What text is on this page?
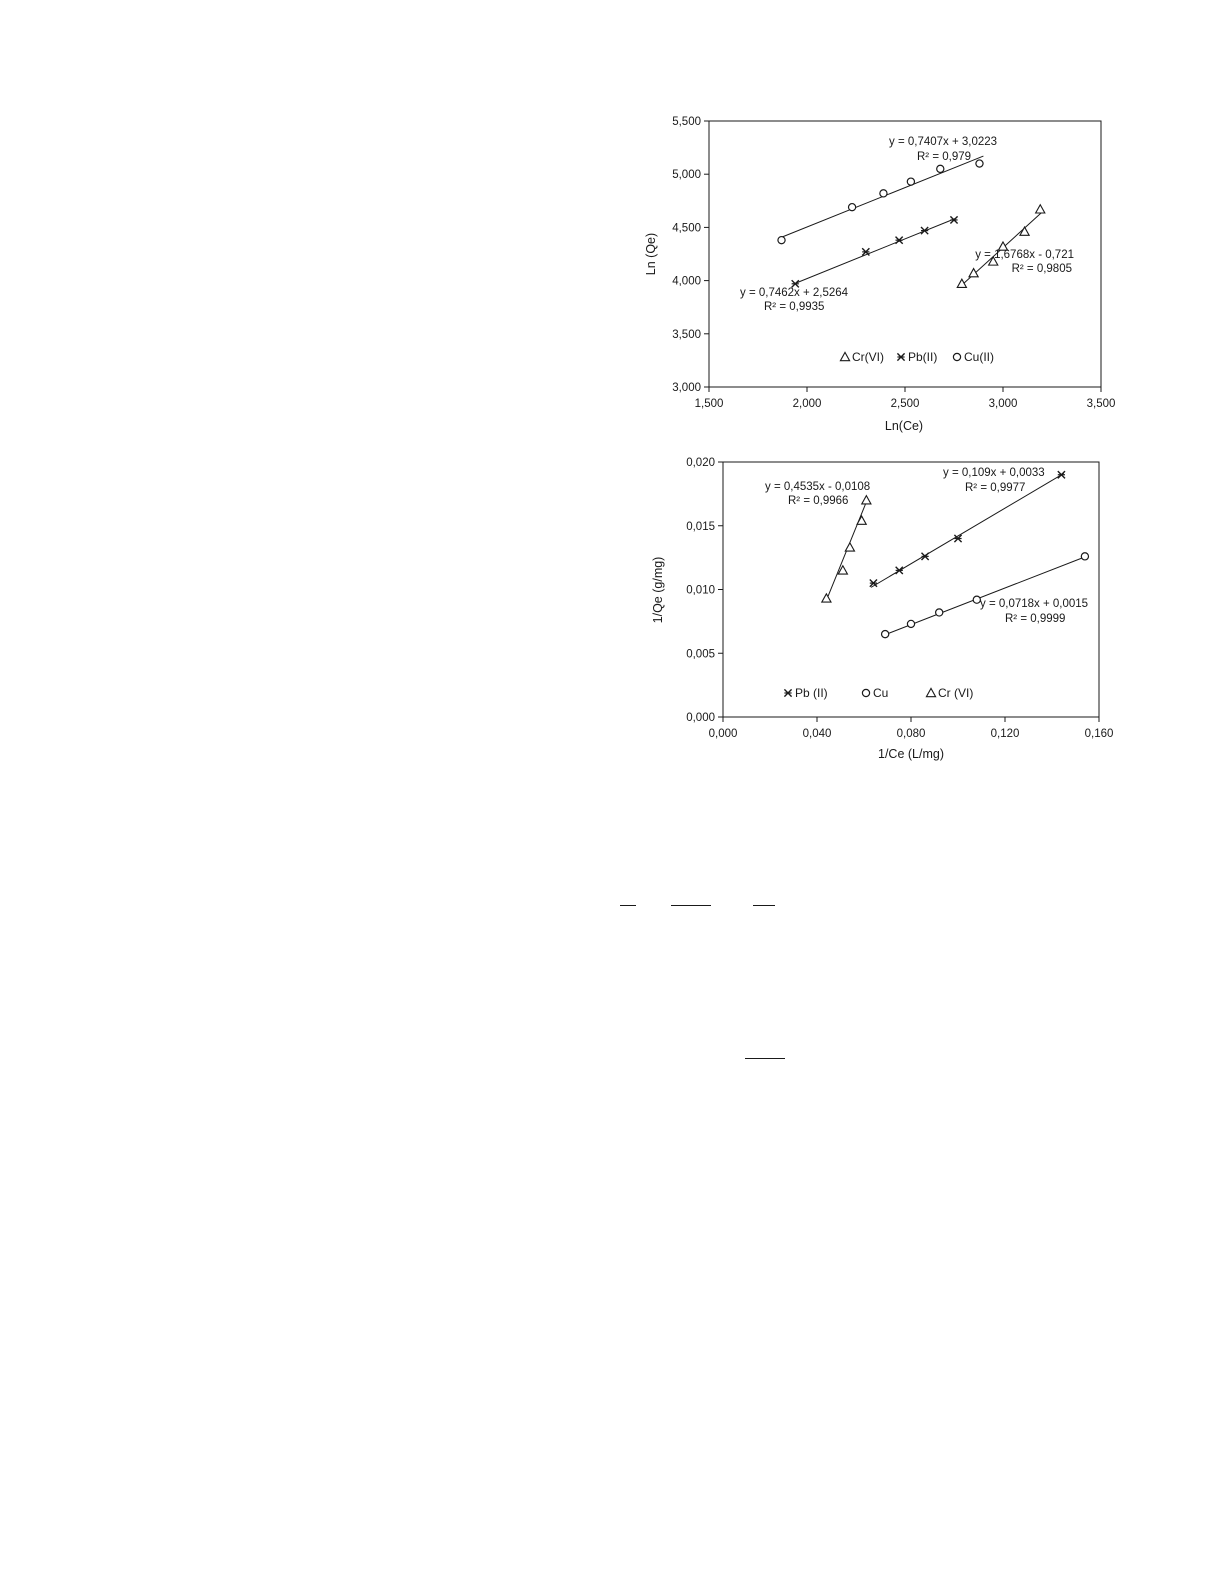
1,500	2,000	2,500	3,000	3,500
3,000
3,500
4,000
4,500
5,000
5,500
Ln(Ce)
Ln (Qe)	y = 1,6768x - 0,721
R² = 0,9805
y = 0,7462x + 2,5264
R² = 0,9935
y = 0,7407x + 3,0223
R² = 0,979
Cr(VI) Pb(II) Cu(II)
0,000	0,040	0,080	0,120	0,160
0,000
0,005
0,010
0,015
0,020
1/Ce (L/mg)
1/Qe (g/mg)
y = 0,109x + 0,0033
R² = 0,9977
y = 0,0718x + 0,0015
R² = 0,9999
y = 0,4535x - 0,0108
R² = 0,9966
Pb (II)	Cu	Cr (VI)
